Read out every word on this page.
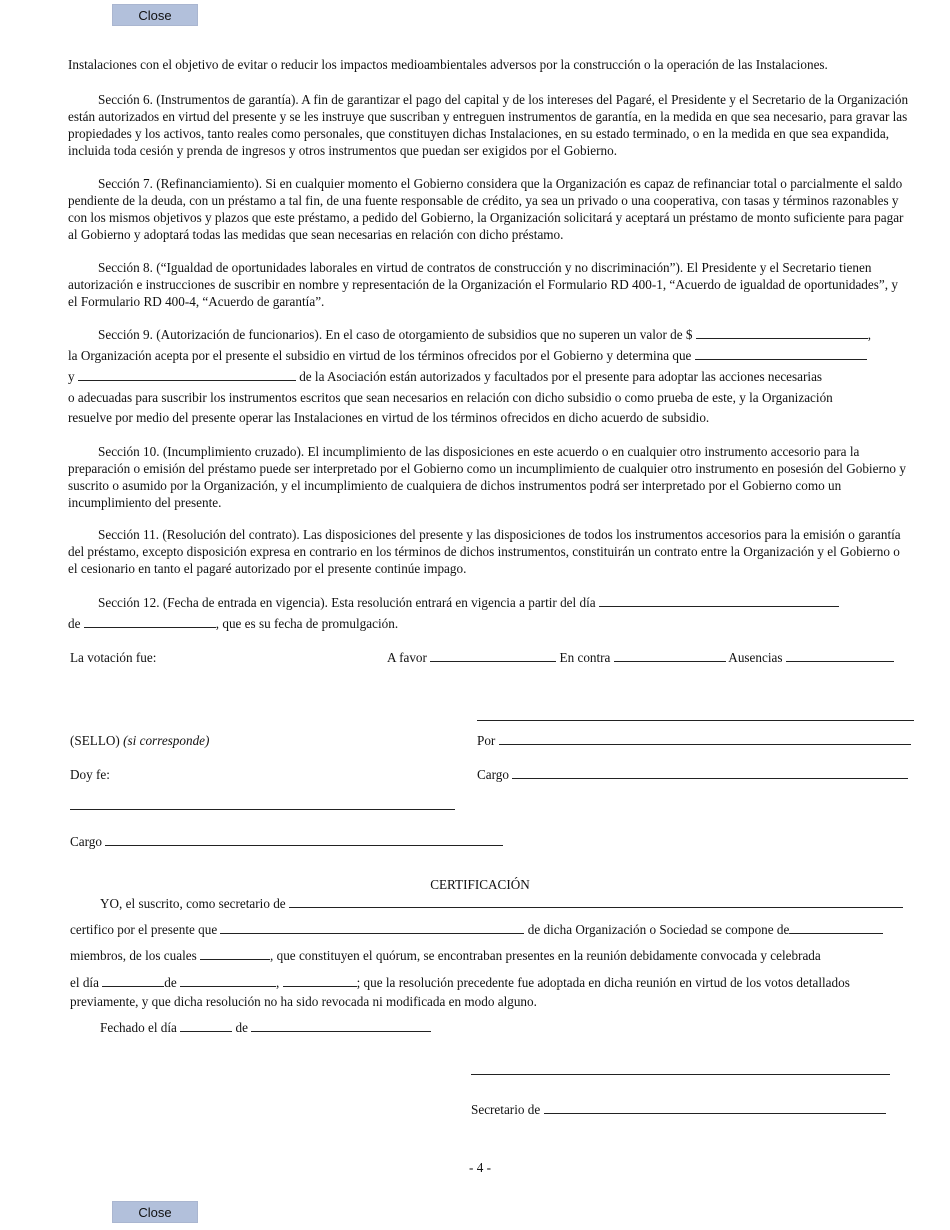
Close

Instalaciones con el objetivo de evitar o reducir los impactos medioambientales adversos por la construcción o la operación de las Instalaciones.

Sección 6. (Instrumentos de garantía). A fin de garantizar el pago del capital y de los intereses del Pagaré, el Presidente y el Secretario de la Organización están autorizados en virtud del presente y se les instruye que suscriban y entreguen instrumentos de garantía, en la medida en que sea necesario, para gravar las propiedades y los activos, tanto reales como personales, que constituyen dichas Instalaciones, en su estado terminado, o en la medida en que sea expandida, incluida toda cesión y prenda de ingresos y otros instrumentos que puedan ser exigidos por el Gobierno.

Sección 7. (Refinanciamiento). Si en cualquier momento el Gobierno considera que la Organización es capaz de refinanciar total o parcialmente el saldo pendiente de la deuda, con un préstamo a tal fin, de una fuente responsable de crédito, ya sea un privado o una cooperativa, con tasas y términos razonables y con los mismos objetivos y plazos que este préstamo, a pedido del Gobierno, la Organización solicitará y aceptará un préstamo de monto suficiente para pagar al Gobierno y adoptará todas las medidas que sean necesarias en relación con dicho préstamo.

Sección 8. (“Igualdad de oportunidades laborales en virtud de contratos de construcción y no discriminación”). El Presidente y el Secretario tienen autorización e instrucciones de suscribir en nombre y representación de la Organización el Formulario RD 400-1, “Acuerdo de igualdad de oportunidades”, y el Formulario RD 400-4, “Acuerdo de garantía”.

Sección 9. (Autorización de funcionarios). En el caso de otorgamiento de subsidios que no superen un valor de $	,
la Organización acepta por el presente el subsidio en virtud de los términos ofrecidos por el Gobierno y determina que
y	de la Asociación están autorizados y facultados por el presente para adoptar las acciones necesarias
o adecuadas para suscribir los instrumentos escritos que sean necesarios en relación con dicho subsidio o como prueba de este, y la Organización
resuelve por medio del presente operar las Instalaciones en virtud de los términos ofrecidos en dicho acuerdo de subsidio.

Sección 10. (Incumplimiento cruzado). El incumplimiento de las disposiciones en este acuerdo o en cualquier otro instrumento accesorio para la preparación o emisión del préstamo puede ser interpretado por el Gobierno como un incumplimiento de cualquier otro instrumento en posesión del Gobierno y suscrito o asumido por la Organización, y el incumplimiento de cualquiera de dichos instrumentos podrá ser interpretado por el Gobierno como un incumplimiento del presente.

Sección 11. (Resolución del contrato). Las disposiciones del presente y las disposiciones de todos los instrumentos accesorios para la emisión o garantía del préstamo, excepto disposición expresa en contrario en los términos de dichos instrumentos, constituirán un contrato entre la Organización y el Gobierno o el cesionario en tanto el pagaré autorizado por el presente continúe impago.

Sección 12. (Fecha de entrada en vigencia). Esta resolución entrará en vigencia a partir del día
de	, que es su fecha de promulgación.
La votación fue:	A favor	En contra	Ausencias
(SELLO) (si corresponde)	Por
Doy fe:	Cargo
Cargo
CERTIFICACIÓN
YO, el suscrito, como secretario de
certifico por el presente que	de dicha Organización o Sociedad se compone de
miembros, de los cuales	, que constituyen el quórum, se encontraban presentes en la reunión debidamente convocada y celebrada
el día	de	,	; que la resolución precedente fue adoptada en dicha reunión en virtud de los votos detallados
previamente, y que dicha resolución no ha sido revocada ni modificada en modo alguno.
Fechado el día	de
Secretario de
- 4 -
Close
